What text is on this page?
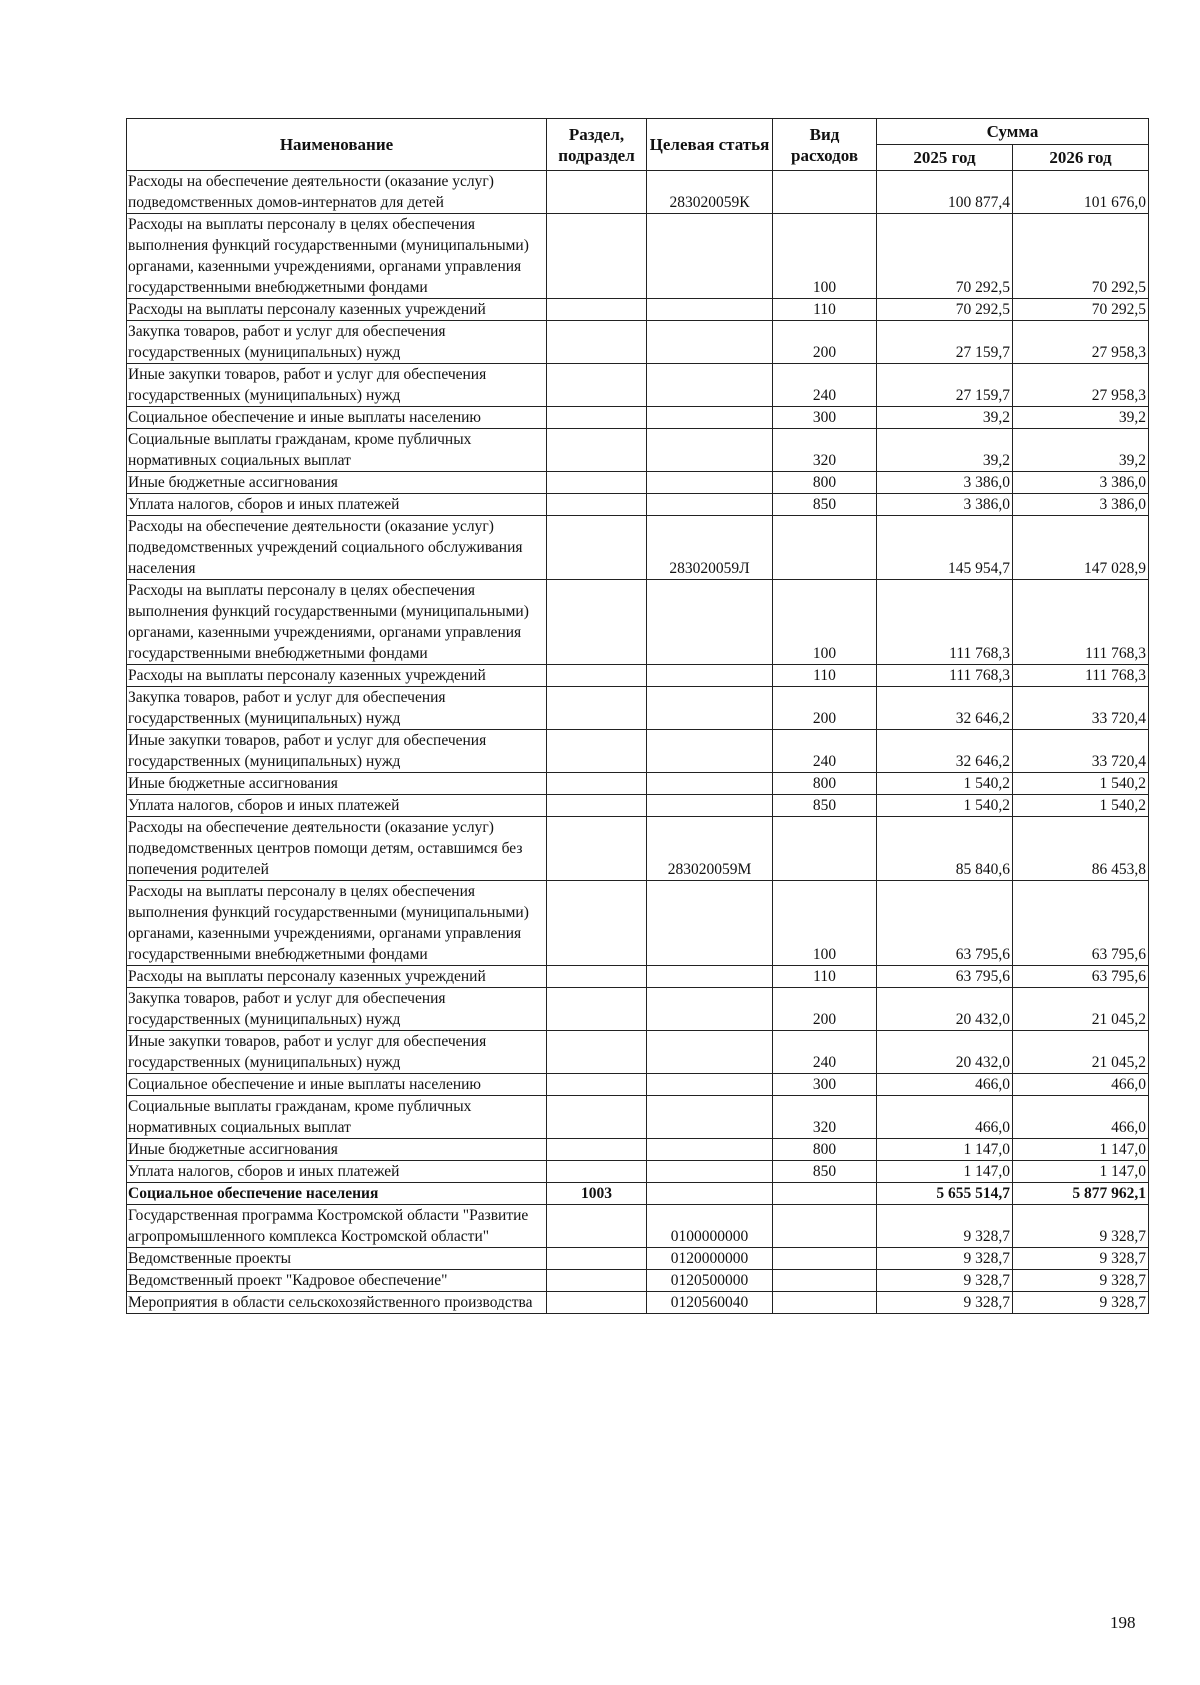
Наименование	Раздел, подраздел	Целевая статья	Вид расходов	Сумма	
				2025 год	2026 год
Расходы на обеспечение деятельности (оказание услуг) подведомственных домов-интернатов для детей		283020059К		100 877,4	101 676,0
Расходы на выплаты персоналу в целях обеспечения выполнения функций государственными (муниципальными) органами, казенными учреждениями, органами управления государственными внебюджетными фондами			100	70 292,5	70 292,5
Расходы на выплаты персоналу казенных учреждений			110	70 292,5	70 292,5
Закупка товаров, работ и услуг для обеспечения государственных (муниципальных) нужд			200	27 159,7	27 958,3
Иные закупки товаров, работ и услуг для обеспечения государственных (муниципальных) нужд			240	27 159,7	27 958,3
Социальное обеспечение и иные выплаты населению			300	39,2	39,2
Социальные выплаты гражданам, кроме публичных нормативных социальных выплат			320	39,2	39,2
Иные бюджетные ассигнования			800	3 386,0	3 386,0
Уплата налогов, сборов и иных платежей			850	3 386,0	3 386,0
Расходы на обеспечение деятельности (оказание услуг) подведомственных учреждений социального обслуживания населения		283020059Л		145 954,7	147 028,9
Расходы на выплаты персоналу в целях обеспечения выполнения функций государственными (муниципальными) органами, казенными учреждениями, органами управления государственными внебюджетными фондами			100	111 768,3	111 768,3
Расходы на выплаты персоналу казенных учреждений			110	111 768,3	111 768,3
Закупка товаров, работ и услуг для обеспечения государственных (муниципальных) нужд			200	32 646,2	33 720,4
Иные закупки товаров, работ и услуг для обеспечения государственных (муниципальных) нужд			240	32 646,2	33 720,4
Иные бюджетные ассигнования			800	1 540,2	1 540,2
Уплата налогов, сборов и иных платежей			850	1 540,2	1 540,2
Расходы на обеспечение деятельности (оказание услуг) подведомственных центров помощи детям, оставшимся без попечения родителей		283020059М		85 840,6	86 453,8
Расходы на выплаты персоналу в целях обеспечения выполнения функций государственными (муниципальными) органами, казенными учреждениями, органами управления государственными внебюджетными фондами			100	63 795,6	63 795,6
Расходы на выплаты персоналу казенных учреждений			110	63 795,6	63 795,6
Закупка товаров, работ и услуг для обеспечения государственных (муниципальных) нужд			200	20 432,0	21 045,2
Иные закупки товаров, работ и услуг для обеспечения государственных (муниципальных) нужд			240	20 432,0	21 045,2
Социальное обеспечение и иные выплаты населению			300	466,0	466,0
Социальные выплаты гражданам, кроме публичных нормативных социальных выплат			320	466,0	466,0
Иные бюджетные ассигнования			800	1 147,0	1 147,0
Уплата налогов, сборов и иных платежей			850	1 147,0	1 147,0
Социальное обеспечение населения	1003			5 655 514,7	5 877 962,1
Государственная программа Костромской области "Развитие агропромышленного комплекса Костромской области"		0100000000		9 328,7	9 328,7
Ведомственные проекты		0120000000		9 328,7	9 328,7
Ведомственный проект "Кадровое обеспечение"		0120500000		9 328,7	9 328,7
Мероприятия в области сельскохозяйственного производства		0120560040		9 328,7	9 328,7
198
